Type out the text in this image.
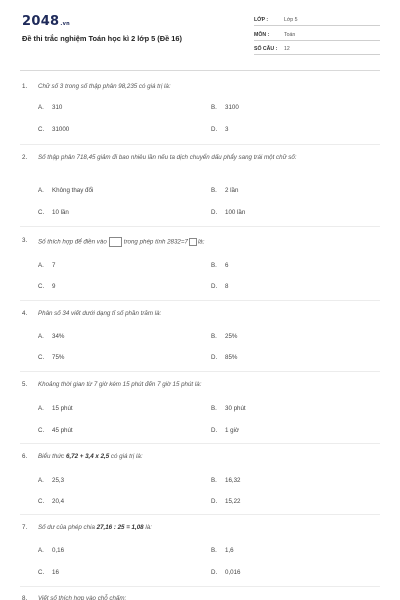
2048.vn
Đề thi trắc nghiệm Toán học kì 2 lớp 5 (Đề 16)
LỚP :	Lớp 5
MÔN :	Toán
SỐ CÂU :	12
1. Chữ số 3 trong số thập phân 98,235 có giá trị là:
A. 310	B. 3100
C. 31000	D. 3
2. Số thập phân 718,45 giảm đi bao nhiêu lần nếu ta dịch chuyển dấu phẩy sang trái một chữ số:
A. Không thay đổi	B. 2 lần
C. 10 lần	D. 100 lần
3. Số thích hợp để điền vào	trong phép tính 2832=7 là:
A. 7	B. 6
C. 9	D. 8
4. Phân số 34 viết dưới dạng tỉ số phần trăm là:
A. 34%	B. 25%
C. 75%	D. 85%
5. Khoảng thời gian từ 7 giờ kém 15 phút đến 7 giờ 15 phút là:
A. 15 phút	B. 30 phút
C. 45 phút	D. 1 giờ
6. Biểu thức 6,72 + 3,4 x 2,5 có giá trị là:
A. 25,3	B. 16,32
C. 20,4	D. 15,22
7. Số dư của phép chia 27,16 : 25 = 1,08 là:
A. 0,16	B. 1,6
C. 16	D. 0,016
8. Viết số thích hợp vào chỗ chấm:
